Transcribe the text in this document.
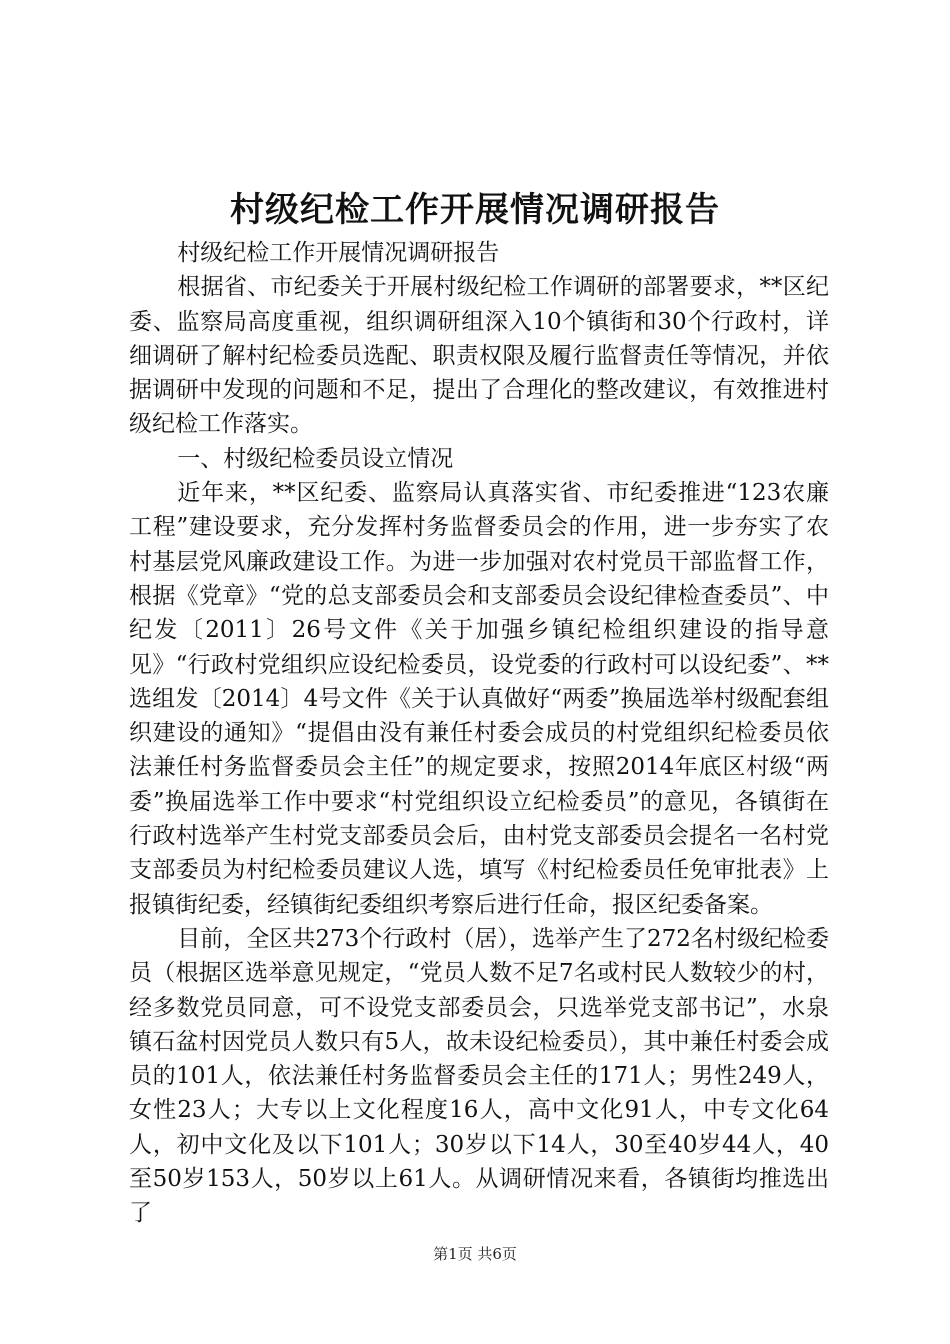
村级纪检工作开展情况调研报告

村级纪检工作开展情况调研报告

根据省、市纪委关于开展村级纪检工作调研的部署要求，**区纪委、监察局高度重视，组织调研组深入10个镇街和30个行政村，详细调研了解村纪检委员选配、职责权限及履行监督责任等情况，并依据调研中发现的问题和不足，提出了合理化的整改建议，有效推进村级纪检工作落实。

一、村级纪检委员设立情况

近年来，**区纪委、监察局认真落实省、市纪委推进“123农廉工程”建设要求，充分发挥村务监督委员会的作用，进一步夯实了农村基层党风廉政建设工作。为进一步加强对农村党员干部监督工作，根据《党章》“党的总支部委员会和支部委员会设纪律检查委员”、中纪发〔2011〕26号文件《关于加强乡镇纪检组织建设的指导意见》“行政村党组织应设纪检委员，设党委的行政村可以设纪委”、**选组发〔2014〕4号文件《关于认真做好“两委”换届选举村级配套组织建设的通知》“提倡由没有兼任村委会成员的村党组织纪检委员依法兼任村务监督委员会主任”的规定要求，按照2014年底区村级“两委”换届选举工作中要求“村党组织设立纪检委员”的意见，各镇街在行政村选举产生村党支部委员会后，由村党支部委员会提名一名村党支部委员为村纪检委员建议人选，填写《村纪检委员任免审批表》上报镇街纪委，经镇街纪委组织考察后进行任命，报区纪委备案。

目前，全区共273个行政村（居），选举产生了272名村级纪检委员（根据区选举意见规定，“党员人数不足7名或村民人数较少的村，经多数党员同意，可不设党支部委员会，只选举党支部书记”，水泉镇石盆村因党员人数只有5人，故未设纪检委员），其中兼任村委会成员的101人，依法兼任村务监督委员会主任的171人；男性249人，女性23人；大专以上文化程度16人，高中文化91人，中专文化64人，初中文化及以下101人；30岁以下14人，30至40岁44人，40至50岁153人，50岁以上61人。从调研情况来看，各镇街均推选出了

第1页 共6页
